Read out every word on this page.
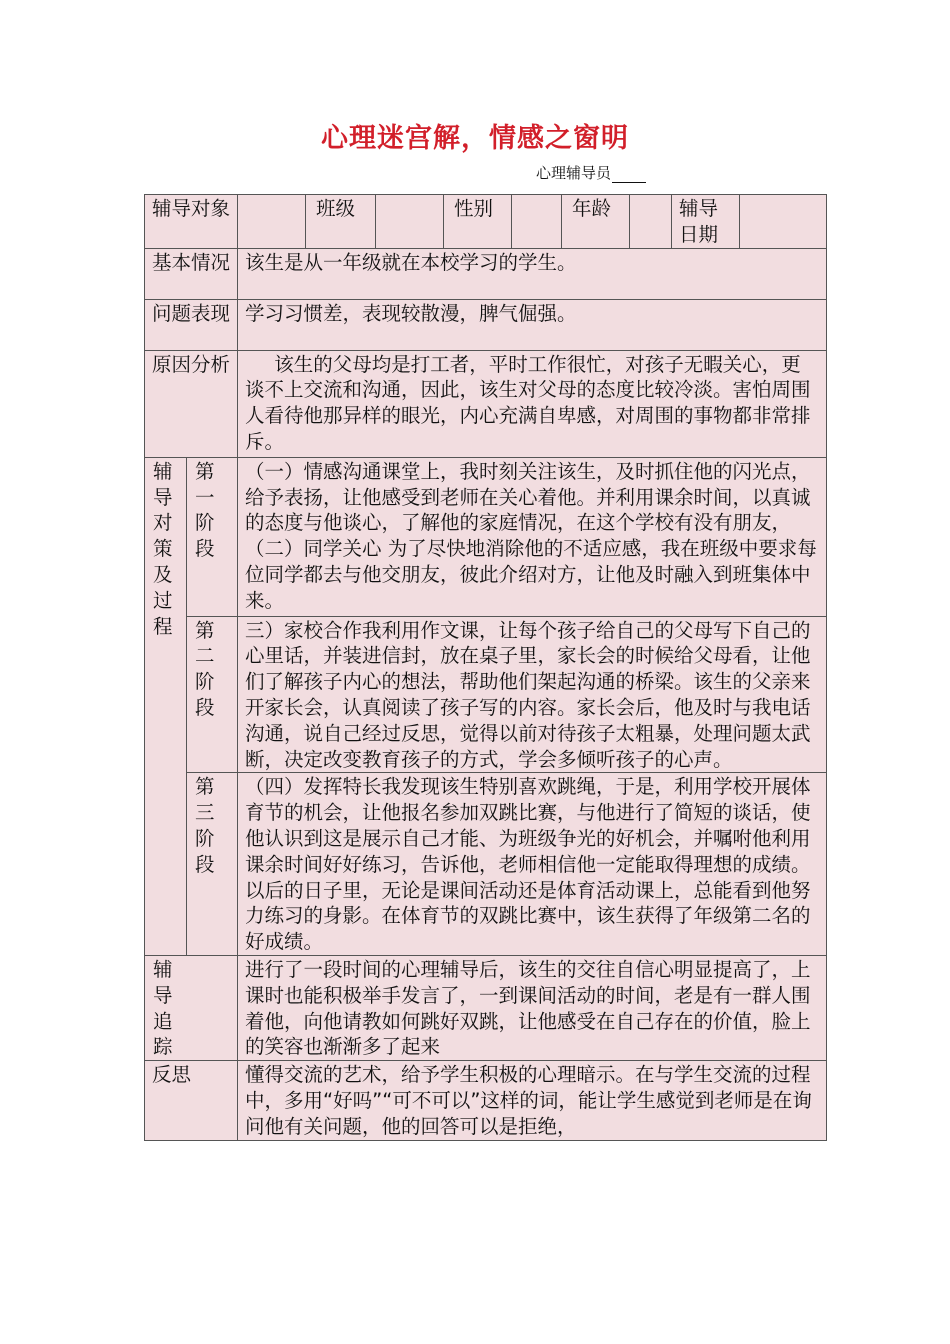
心理迷宫解，情感之窗明
心理辅导员
辅导对象			班级		性别		年龄		辅导日期	
基本情况		该生是从一年级就在本校学习的学生。								
问题表现		学习习惯差，表现较散漫，脾气倔强。								
原因分析		该生的父母均是打工者，平时工作很忙，对孩子无暇关心，更谈不上交流和沟通，因此，该生对父母的态度比较冷淡。害怕周围人看待他那异样的眼光，内心充满自卑感，对周围的事物都非常排斥。								

辅导对策及过程	第一阶段	（一）情感沟通课堂上，我时刻关注该生，及时抓住他的闪光点，给予表扬，让他感受到老师在关心着他。并利用课余时间，以真诚的态度与他谈心，了解他的家庭情况，在这个学校有没有朋友，

（二）同学关心 为了尽快地消除他的不适应感，我在班级中要求每位同学都去与他交朋友，彼此介绍对方，让他及时融入到班集体中来。								

	第二阶段	三）家校合作我利用作文课，让每个孩子给自己的父母写下自己的心里话，并装进信封，放在桌子里，家长会的时候给父母看，让他们了解孩子内心的想法，帮助他们架起沟通的桥梁。该生的父亲来开家长会，认真阅读了孩子写的内容。家长会后，他及时与我电话沟通，说自己经过反思，觉得以前对待孩子太粗暴，处理问题太武断，决定改变教育孩子的方式，学会多倾听孩子的心声。								
	第三阶段	（四）发挥特长我发现该生特别喜欢跳绳，于是，利用学校开展体育节的机会，让他报名参加双跳比赛，与他进行了简短的谈话，使他认识到这是展示自己才能、为班级争光的好机会，并嘱咐他利用课余时间好好练习，告诉他，老师相信他一定能取得理想的成绩。以后的日子里，无论是课间活动还是体育活动课上，总能看到他努力练习的身影。在体育节的双跳比赛中，该生获得了年级第二名的好成绩。								

辅导追踪		进行了一段时间的心理辅导后，该生的交往自信心明显提高了，上课时也能积极举手发言了，一到课间活动的时间，老是有一群人围着他，向他请教如何跳好双跳，让他感受在自己存在的价值，脸上的笑容也渐渐多了起来								
反思		懂得交流的艺术，给予学生积极的心理暗示。在与学生交流的过程中，多用“好吗”“可不可以”这样的词，能让学生感觉到老师是在询问他有关问题，他的回答可以是拒绝，								
